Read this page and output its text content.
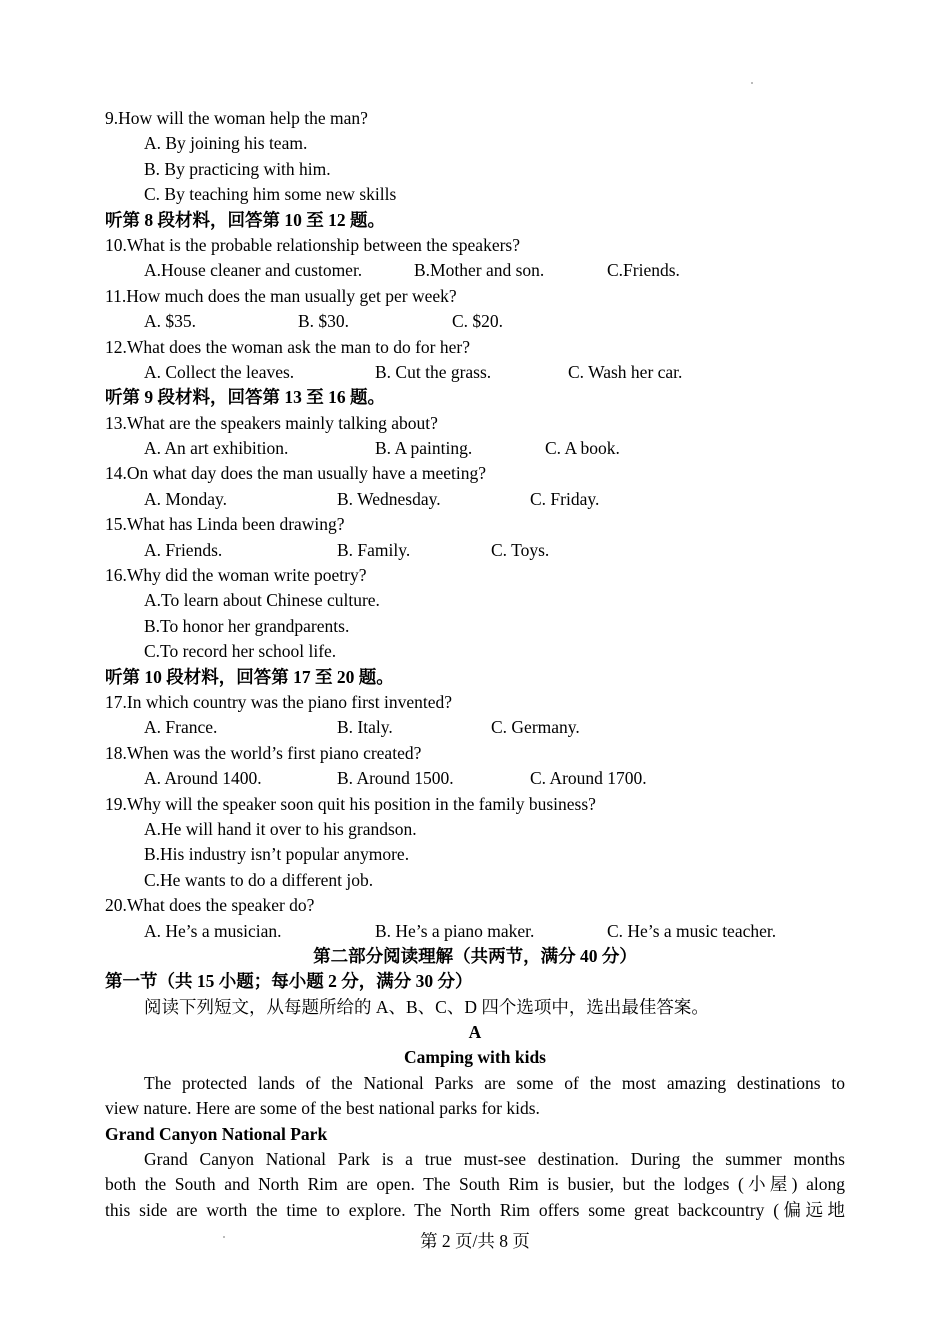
9.How will the woman help the man?
A. By joining his team.
B. By practicing with him.
C. By teaching him some new skills
听第 8 段材料，回答第 10 至 12 题。
10.What is the probable relationship between the speakers?
A.House cleaner and customer.	B.Mother and son.	C.Friends.
11.How much does the man usually get per week?
A. $35.	B. $30.	C. $20.
12.What does the woman ask the man to do for her?
A. Collect the leaves.	B. Cut the grass.	C. Wash her car.
听第 9 段材料，回答第 13 至 16 题。
13.What are the speakers mainly talking about?
A. An art exhibition.	B. A painting.	C. A book.
14.On what day does the man usually have a meeting?
A. Monday.	B. Wednesday.	C. Friday.
15.What has Linda been drawing?
A. Friends.	B. Family.	C. Toys.
16.Why did the woman write poetry?
A.To learn about Chinese culture.
B.To honor her grandparents.
C.To record her school life.
听第 10 段材料，回答第 17 至 20 题。
17.In which country was the piano first invented?
A. France.	B. Italy.	C. Germany.
18.When was the world’s first piano created?
A. Around 1400.	B. Around 1500.	C. Around 1700.
19.Why will the speaker soon quit his position in the family business?
A.He will hand it over to his grandson.
B.His industry isn’t popular anymore.
C.He wants to do a different job.
20.What does the speaker do?
A. He’s a musician.	B. He’s a piano maker.	C. He’s a music teacher.
第二部分阅读理解（共两节，满分 40 分）
第一节（共 15 小题；每小题 2 分，满分 30 分）
阅读下列短文，从每题所给的 A、B、C、D 四个选项中，选出最佳答案。
A
Camping with kids
The protected lands of the National Parks are some of the most amazing destinations to
view nature. Here are some of the best national parks for kids.
Grand Canyon National Park
Grand Canyon National Park is a true must-see destination. During the summer months
both the South and North Rim are open. The South Rim is busier, but the lodges (小屋) along
this side are worth the time to explore. The North Rim offers some great backcountry (偏远地
第 2 页/共 8 页
